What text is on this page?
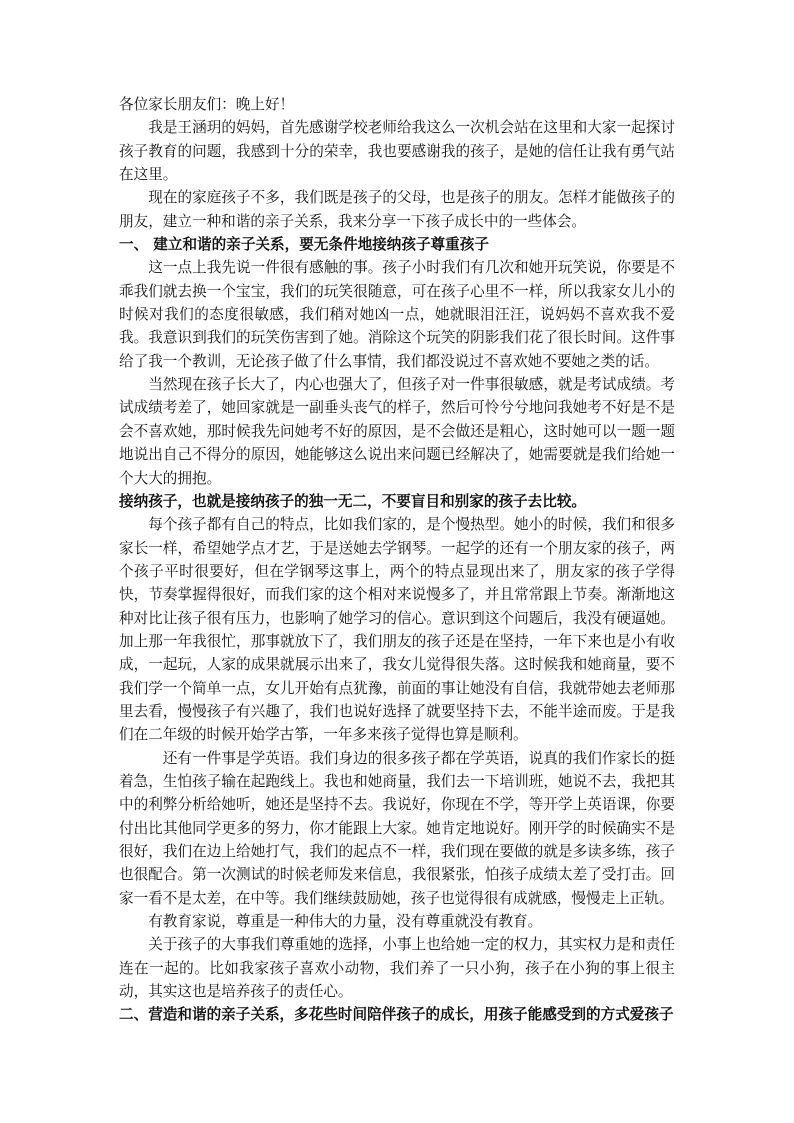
各位家长朋友们：晚上好！

我是王涵玥的妈妈，首先感谢学校老师给我这么一次机会站在这里和大家一起探讨孩子教育的问题，我感到十分的荣幸，我也要感谢我的孩子，是她的信任让我有勇气站在这里。

现在的家庭孩子不多，我们既是孩子的父母，也是孩子的朋友。怎样才能做孩子的朋友，建立一种和谐的亲子关系，我来分享一下孩子成长中的一些体会。

一、 建立和谐的亲子关系，要无条件地接纳孩子尊重孩子

这一点上我先说一件很有感触的事。孩子小时我们有几次和她开玩笑说，你要是不乖我们就去换一个宝宝，我们的玩笑很随意，可在孩子心里不一样，所以我家女儿小的时候对我们的态度很敏感，我们稍对她凶一点，她就眼泪汪汪，说妈妈不喜欢我不爱我。我意识到我们的玩笑伤害到了她。消除这个玩笑的阴影我们花了很长时间。这件事给了我一个教训，无论孩子做了什么事情，我们都没说过不喜欢她不要她之类的话。

当然现在孩子长大了，内心也强大了，但孩子对一件事很敏感，就是考试成绩。考试成绩考差了，她回家就是一副垂头丧气的样子，然后可怜兮兮地问我她考不好是不是会不喜欢她，那时候我先问她考不好的原因，是不会做还是粗心，这时她可以一题一题地说出自己不得分的原因，她能够这么说出来问题已经解决了，她需要就是我们给她一个大大的拥抱。

接纳孩子，也就是接纳孩子的独一无二，不要盲目和别家的孩子去比较。

每个孩子都有自己的特点，比如我们家的，是个慢热型。她小的时候，我们和很多家长一样，希望她学点才艺，于是送她去学钢琴。一起学的还有一个朋友家的孩子，两个孩子平时很要好，但在学钢琴这事上，两个的特点显现出来了，朋友家的孩子学得快，节奏掌握得很好，而我们家的这个相对来说慢多了，并且常常跟上节奏。渐渐地这种对比让孩子很有压力，也影响了她学习的信心。意识到这个问题后，我没有硬逼她。加上那一年我很忙，那事就放下了，我们朋友的孩子还是在坚持，一年下来也是小有收成，一起玩，人家的成果就展示出来了，我女儿觉得很失落。这时候我和她商量，要不我们学一个简单一点，女儿开始有点犹豫，前面的事让她没有自信，我就带她去老师那里去看，慢慢孩子有兴趣了，我们也说好选择了就要坚持下去，不能半途而废。于是我们在二年级的时候开始学古筝，一年多来孩子觉得也算是顺利。

还有一件事是学英语。我们身边的很多孩子都在学英语，说真的我们作家长的挺着急，生怕孩子输在起跑线上。我也和她商量，我们去一下培训班，她说不去，我把其中的利弊分析给她听，她还是坚持不去。我说好，你现在不学，等开学上英语课，你要付出比其他同学更多的努力，你才能跟上大家。她肯定地说好。刚开学的时候确实不是很好，我们在边上给她打气，我们的起点不一样，我们现在要做的就是多读多练，孩子也很配合。第一次测试的时候老师发来信息，我很紧张，怕孩子成绩太差了受打击。回家一看不是太差，在中等。我们继续鼓励她，孩子也觉得很有成就感，慢慢走上正轨。

有教育家说，尊重是一种伟大的力量，没有尊重就没有教育。

关于孩子的大事我们尊重她的选择，小事上也给她一定的权力，其实权力是和责任连在一起的。比如我家孩子喜欢小动物，我们养了一只小狗，孩子在小狗的事上很主动，其实这也是培养孩子的责任心。

二、营造和谐的亲子关系，多花些时间陪伴孩子的成长，用孩子能感受到的方式爱孩子
